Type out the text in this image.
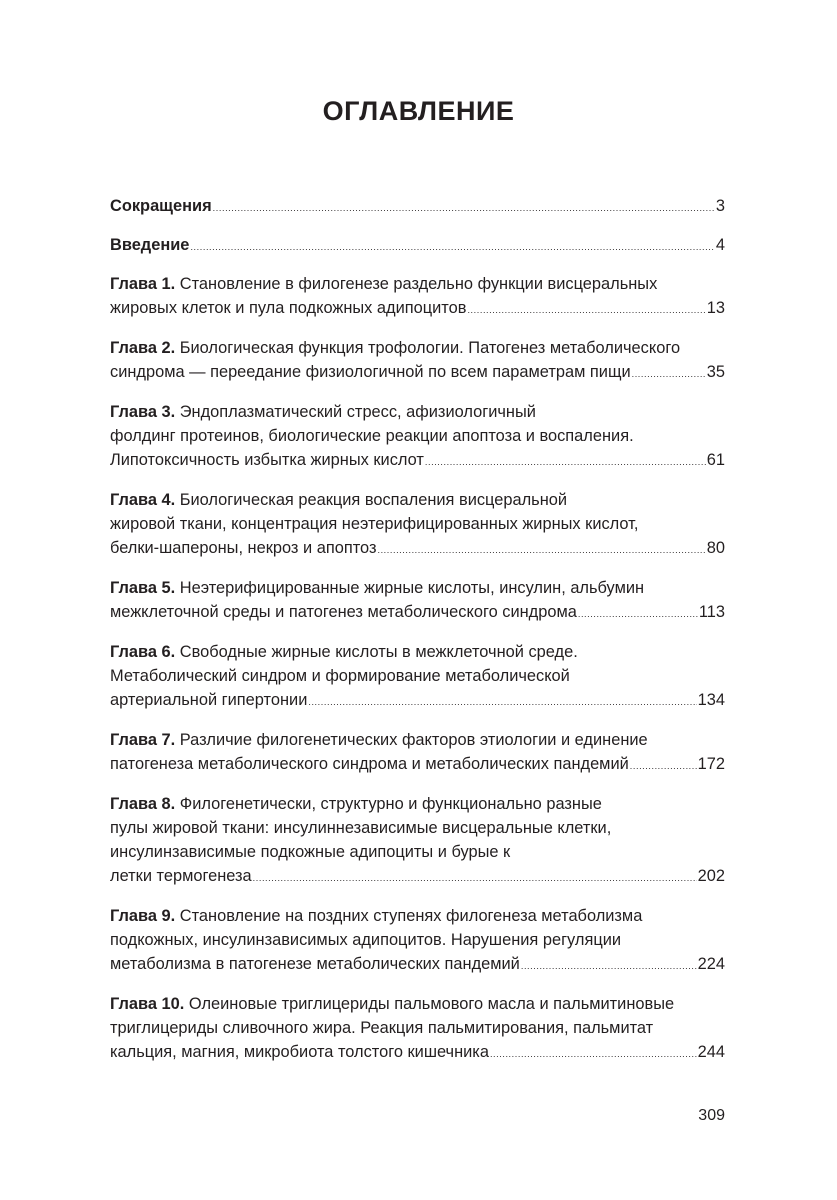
ОГЛАВЛЕНИЕ
Сокращения .....	3
Введение .....	4
Глава 1. Становление в филогенезе раздельно функции висцеральных
жировых клеток и пула подкожных адипоцитов .....	13
Глава 2. Биологическая функция трофологии. Патогенез метаболического
синдрома — переедание физиологичной по всем параметрам пищи .....	35
Глава 3. Эндоплазматический стресс, афизиологичный
фолдинг протеинов, биологические реакции апоптоза и воспаления.
Липотоксичность избытка жирных кислот .....	61
Глава 4. Биологическая реакция воспаления висцеральной
жировой ткани, концентрация неэтерифицированных жирных кислот,
белки-шапероны, некроз и апоптоз .....	80
Глава 5. Неэтерифицированные жирные кислоты, инсулин, альбумин
межклеточной среды и патогенез метаболического синдрома .....	113
Глава 6. Свободные жирные кислоты в межклеточной среде.
Метаболический синдром и формирование метаболической
артериальной гипертонии .....	134
Глава 7. Различие филогенетических факторов этиологии и единение
патогенеза метаболического синдрома и метаболических пандемий .....	172
Глава 8. Филогенетически, структурно и функционально разные
пулы жировой ткани: инсулиннезависимые висцеральные клетки,
инсулинзависимые подкожные адипоциты и бурые к
летки термогенеза .....	202
Глава 9. Становление на поздних ступенях филогенеза метаболизма
подкожных, инсулинзависимых адипоцитов. Нарушения регуляции
метаболизма в патогенезе метаболических пандемий .....	224
Глава 10. Олеиновые триглицериды пальмового масла и пальмитиновые
триглицериды сливочного жира. Реакция пальмитирования, пальмитат
кальция, магния, микробиота толстого кишечника .....	244
309
